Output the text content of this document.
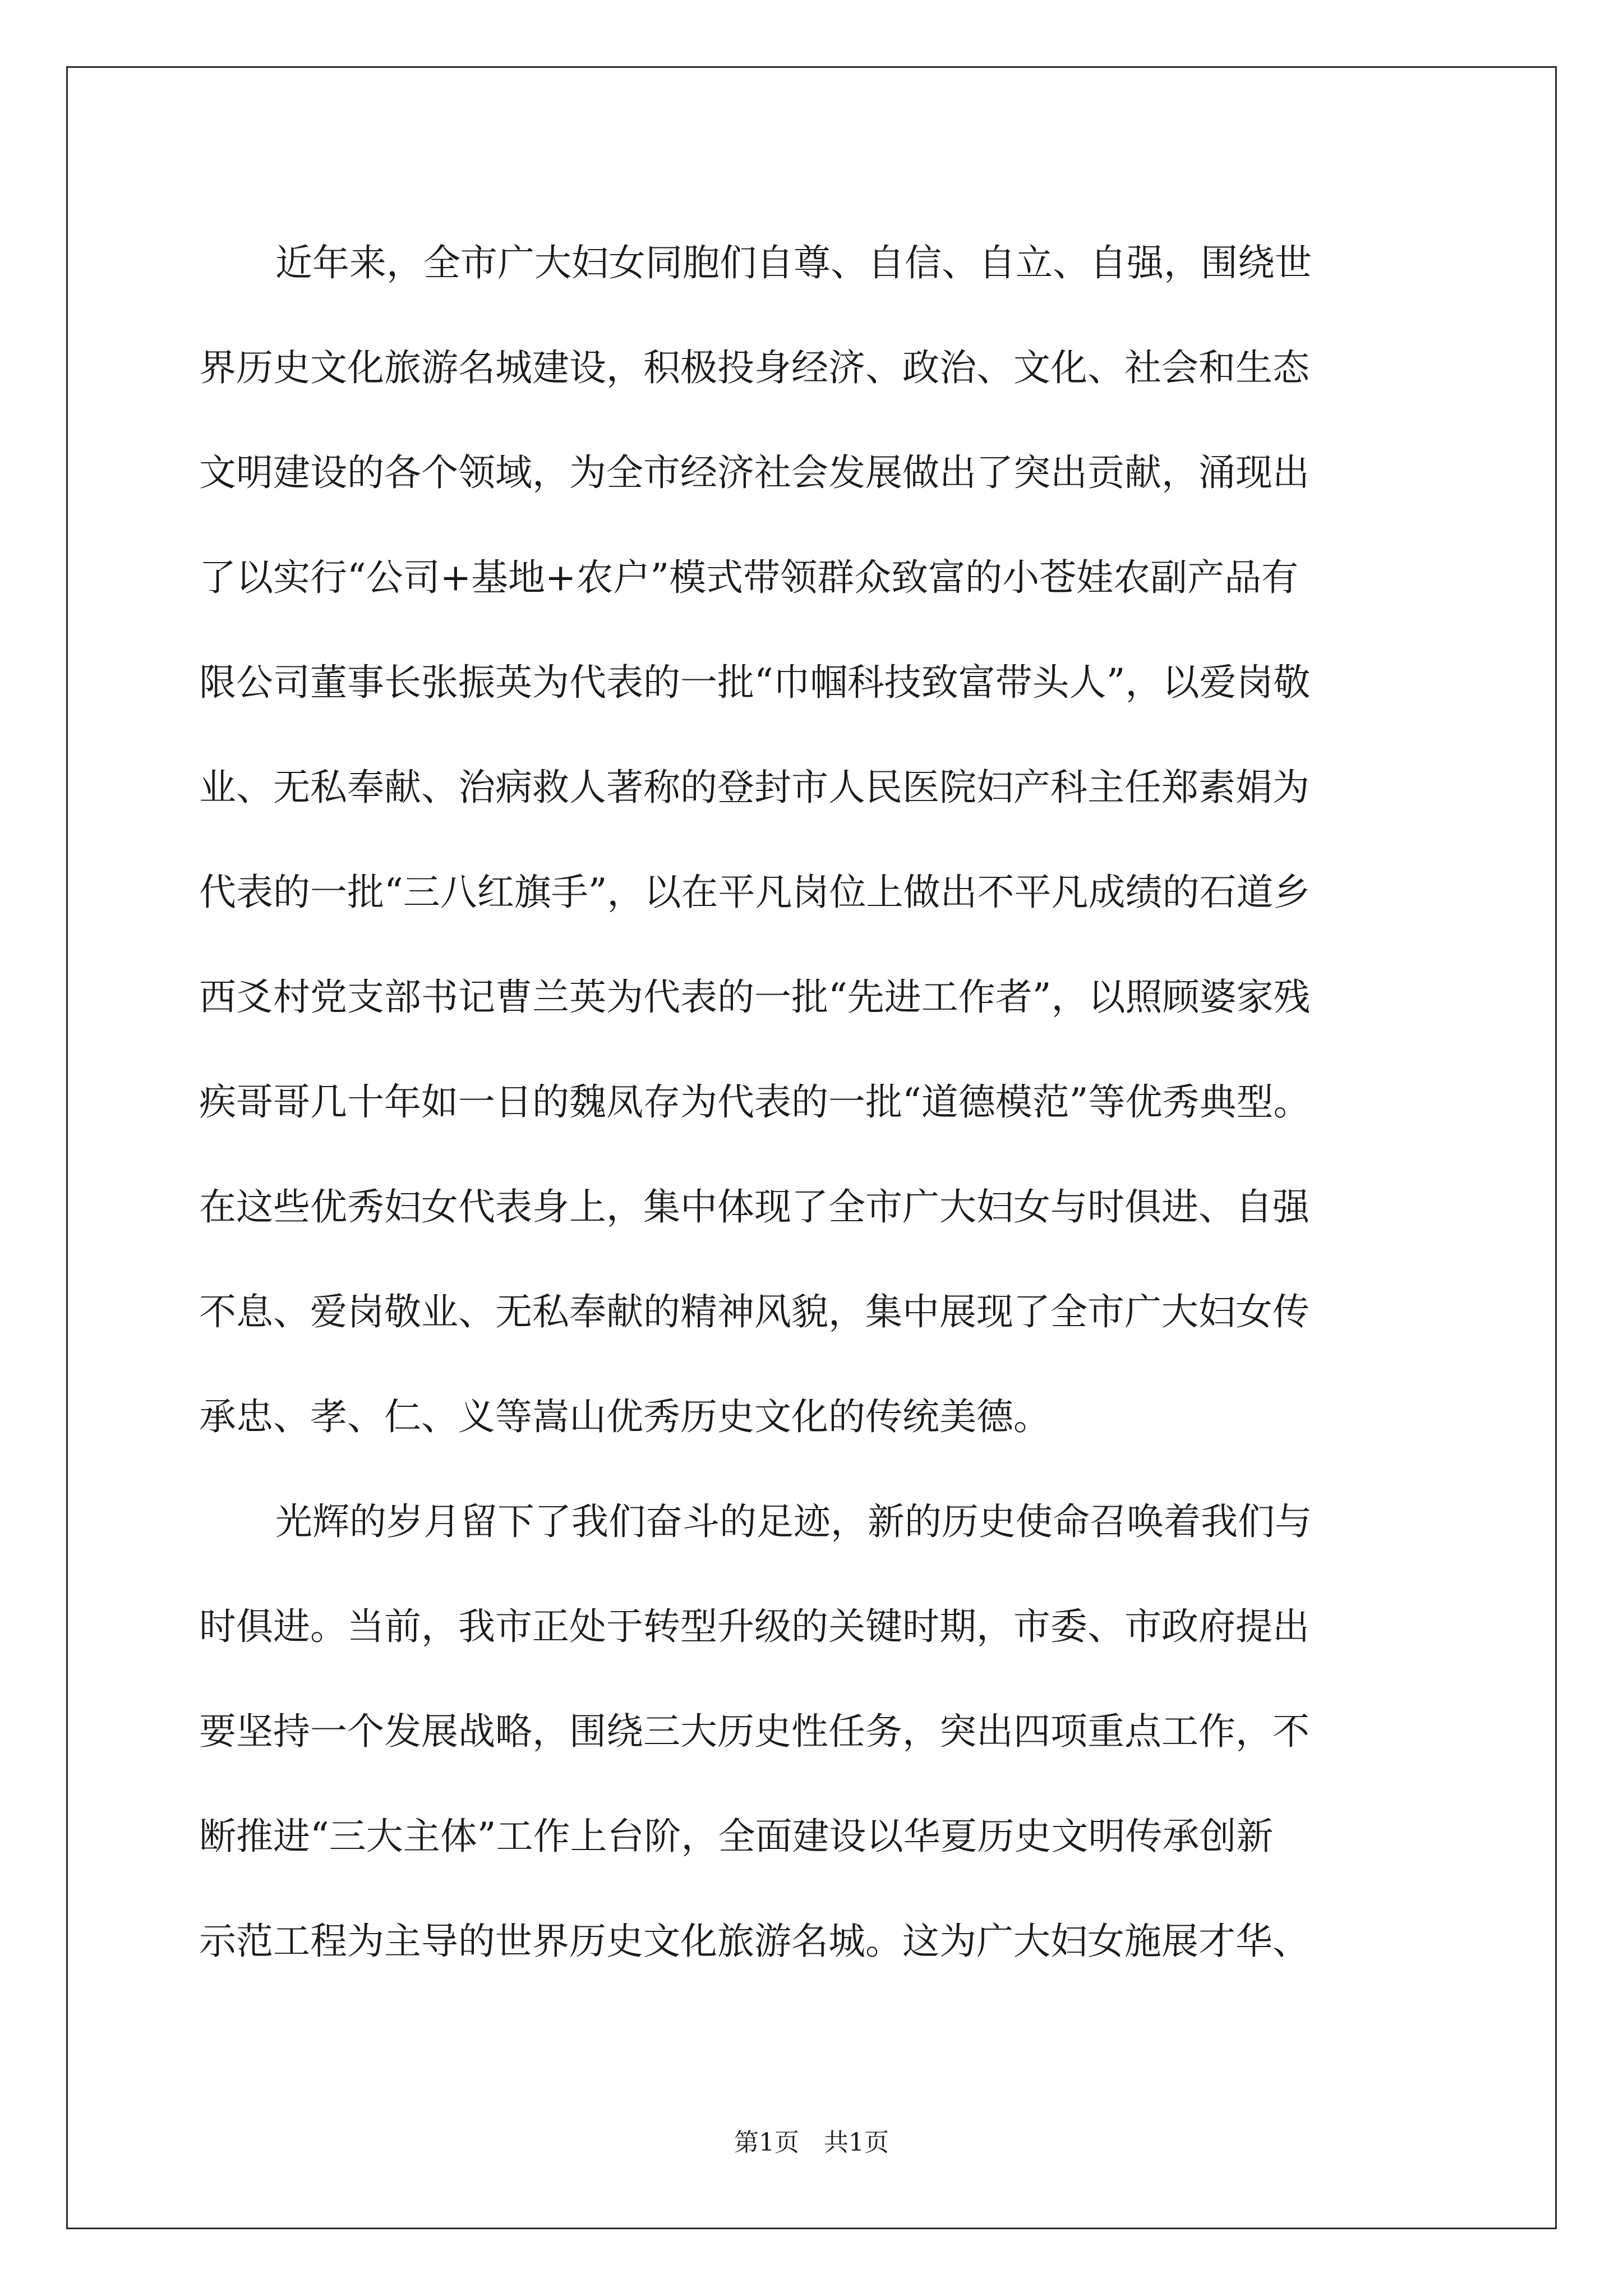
近年来，全市广大妇女同胞们自尊、自信、自立、自强，围绕世
界历史文化旅游名城建设，积极投身经济、政治、文化、社会和生态
文明建设的各个领域，为全市经济社会发展做出了突出贡献，涌现出
了以实行“公司+基地+农户”模式带领群众致富的小苍娃农副产品有
限公司董事长张振英为代表的一批“巾帼科技致富带头人”，以爱岗敬
业、无私奉献、治病救人著称的登封市人民医院妇产科主任郑素娟为
代表的一批“三八红旗手”，以在平凡岗位上做出不平凡成绩的石道乡
西爻村党支部书记曹兰英为代表的一批“先进工作者”，以照顾婆家残
疾哥哥几十年如一日的魏凤存为代表的一批“道德模范”等优秀典型。
在这些优秀妇女代表身上，集中体现了全市广大妇女与时俱进、自强
不息、爱岗敬业、无私奉献的精神风貌，集中展现了全市广大妇女传
承忠、孝、仁、义等嵩山优秀历史文化的传统美德。
光辉的岁月留下了我们奋斗的足迹，新的历史使命召唤着我们与
时俱进。当前，我市正处于转型升级的关键时期，市委、市政府提出
要坚持一个发展战略，围绕三大历史性任务，突出四项重点工作，不
断推进“三大主体”工作上台阶，全面建设以华夏历史文明传承创新
示范工程为主导的世界历史文化旅游名城。这为广大妇女施展才华、
第1页　共1页
